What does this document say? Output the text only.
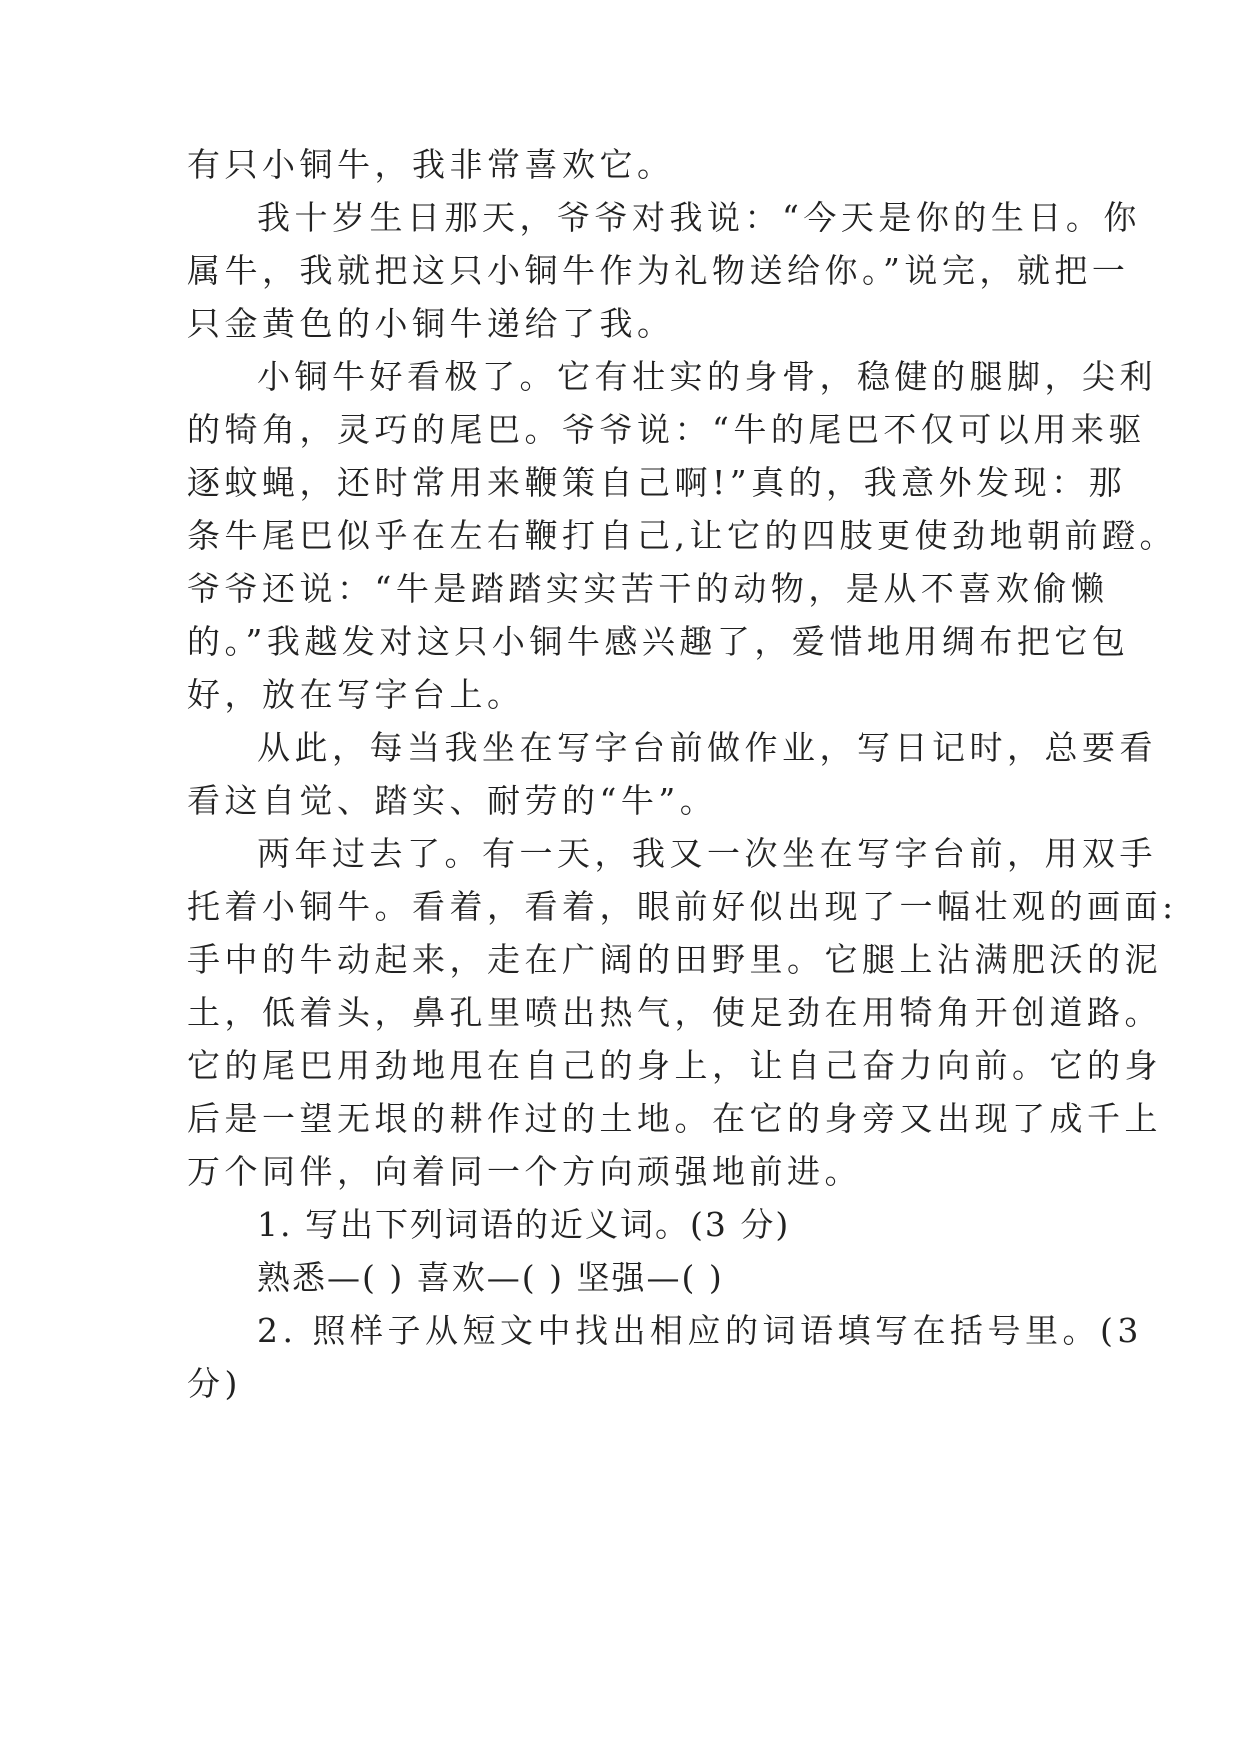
有只小铜牛，我非常喜欢它。
我十岁生日那天，爷爷对我说：“今天是你的生日。你
属牛，我就把这只小铜牛作为礼物送给你。”说完，就把一
只金黄色的小铜牛递给了我。
小铜牛好看极了。它有壮实的身骨，稳健的腿脚，尖利
的犄角，灵巧的尾巴。爷爷说：“牛的尾巴不仅可以用来驱
逐蚊蝇，还时常用来鞭策自己啊!”真的，我意外发现：那
条牛尾巴似乎在左右鞭打自己,让它的四肢更使劲地朝前蹬。
爷爷还说：“牛是踏踏实实苦干的动物，是从不喜欢偷懒
的。”我越发对这只小铜牛感兴趣了，爱惜地用绸布把它包
好，放在写字台上。
从此，每当我坐在写字台前做作业，写日记时，总要看
看这自觉、踏实、耐劳的“牛”。
两年过去了。有一天，我又一次坐在写字台前，用双手
托着小铜牛。看着，看着，眼前好似出现了一幅壮观的画面:
手中的牛动起来，走在广阔的田野里。它腿上沾满肥沃的泥
土，低着头，鼻孔里喷出热气，使足劲在用犄角开创道路。
它的尾巴用劲地甩在自己的身上，让自己奋力向前。它的身
后是一望无垠的耕作过的土地。在它的身旁又出现了成千上
万个同伴，向着同一个方向顽强地前进。
1. 写出下列词语的近义词。(3 分)
熟悉—( ) 喜欢—( ) 坚强—( )
2. 照样子从短文中找出相应的词语填写在括号里。(3
分)
